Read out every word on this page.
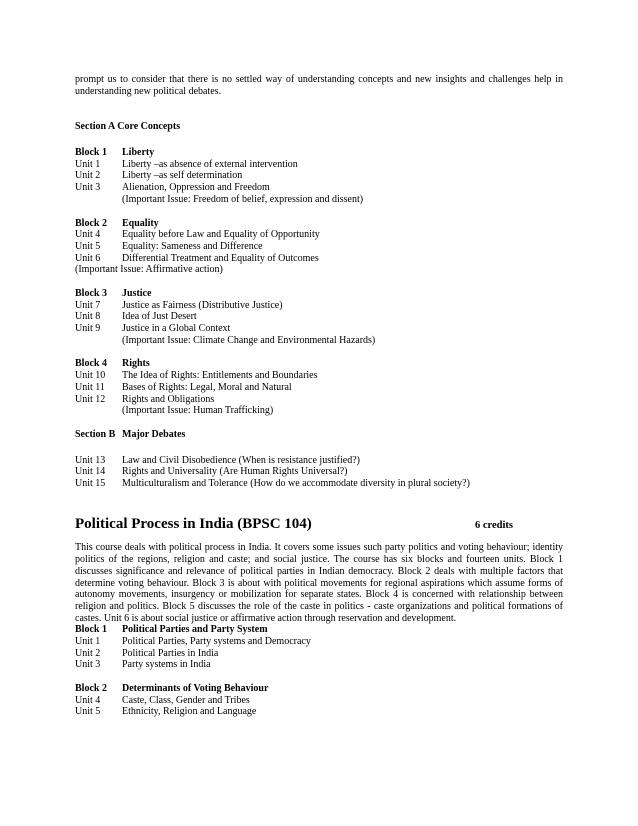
prompt us to consider that there is no settled way of understanding concepts and new insights and challenges help in understanding new political debates.

Section A Core Concepts
Block 1	Liberty
Unit 1	Liberty –as absence of external intervention
Unit 2	Liberty –as self determination
Unit 3	Alienation, Oppression and Freedom
(Important Issue: Freedom of belief, expression and dissent)
Block 2	Equality
Unit 4	Equality before Law and Equality of Opportunity
Unit 5	Equality: Sameness and Difference
Unit 6	Differential Treatment and Equality of Outcomes
(Important Issue: Affirmative action)
Block 3	Justice
Unit 7	Justice as Fairness (Distributive Justice)
Unit 8	Idea of Just Desert
Unit 9	Justice in a Global Context
(Important Issue: Climate Change and Environmental Hazards)
Block 4	Rights
Unit 10	The Idea of Rights: Entitlements and Boundaries
Unit 11	Bases of Rights: Legal, Moral and Natural
Unit 12	Rights and Obligations
(Important Issue: Human Trafficking)
Section B Major Debates
Unit 13	Law and Civil Disobedience (When is resistance justified?)
Unit 14	Rights and Universality (Are Human Rights Universal?)
Unit 15	Multiculturalism and Tolerance (How do we accommodate diversity in plural society?)
Political Process in India (BPSC 104)	6 credits

This course deals with political process in India. It covers some issues such party politics and voting behaviour; identity politics of the regions, religion and caste; and social justice. The course has six blocks and fourteen units. Block 1 discusses significance and relevance of political parties in Indian democracy. Block 2 deals with multiple factors that determine voting behaviour. Block 3 is about with political movements for regional aspirations which assume forms of autonomy movements, insurgency or mobilization for separate states. Block 4 is concerned with relationship between religion and politics. Block 5 discusses the role of the caste in politics - caste organizations and political formations of castes. Unit 6 is about social justice or affirmative action through reservation and development.

Block 1	Political Parties and Party System
Unit 1	Political Parties, Party systems and Democracy
Unit 2	Political Parties in India
Unit 3	Party systems in India
Block 2	Determinants of Voting Behaviour
Unit 4	Caste, Class, Gender and Tribes
Unit 5	Ethnicity, Religion and Language
